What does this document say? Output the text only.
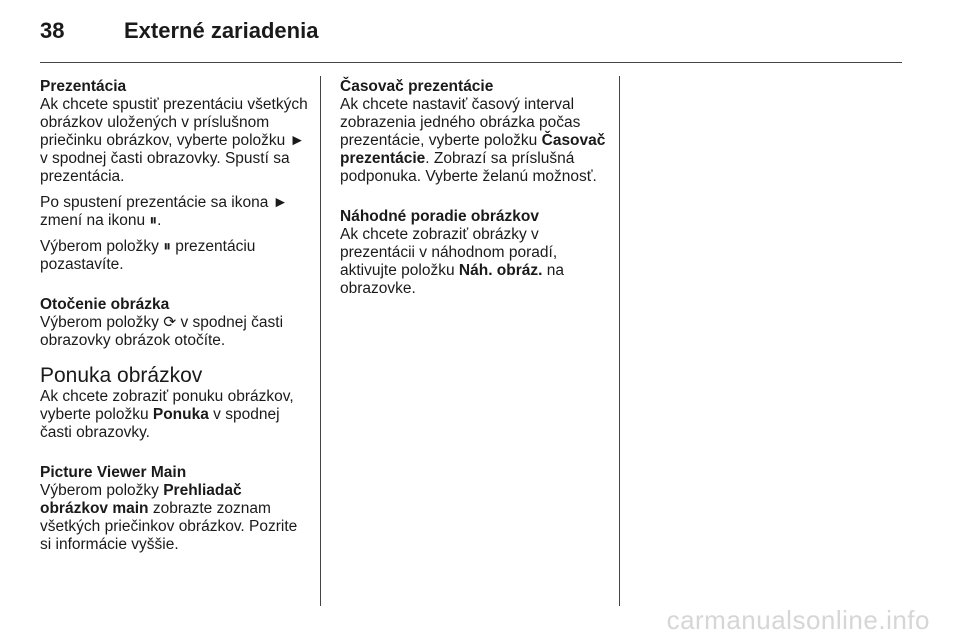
38	Externé zariadenia
Prezentácia

Ak chcete spustiť prezentáciu všetkých obrázkov uložených v príslušnom priečinku obrázkov, vyberte položku ► v spodnej časti obrazovky. Spustí sa prezentácia.

Po spustení prezentácie sa ikona ► zmení na ikonu ⏸.

Výberom položky ⏸ prezentáciu pozastavíte.

Otočenie obrázka

Výberom položky ⟳ v spodnej časti obrazovky obrázok otočíte.

Ponuka obrázkov

Ak chcete zobraziť ponuku obrázkov, vyberte položku Ponuka v spodnej časti obrazovky.

Picture Viewer Main

Výberom položky Prehliadač obrázkov main zobrazte zoznam všetkých priečinkov obrázkov. Pozrite si informácie vyššie.

Časovač prezentácie

Ak chcete nastaviť časový interval zobrazenia jedného obrázka počas prezentácie, vyberte položku Časovač prezentácie. Zobrazí sa príslušná podponuka. Vyberte želanú možnosť.

Náhodné poradie obrázkov

Ak chcete zobraziť obrázky v prezentácii v náhodnom poradí, aktivujte položku Náh. obráz. na obrazovke.

carmanualsonline.info
